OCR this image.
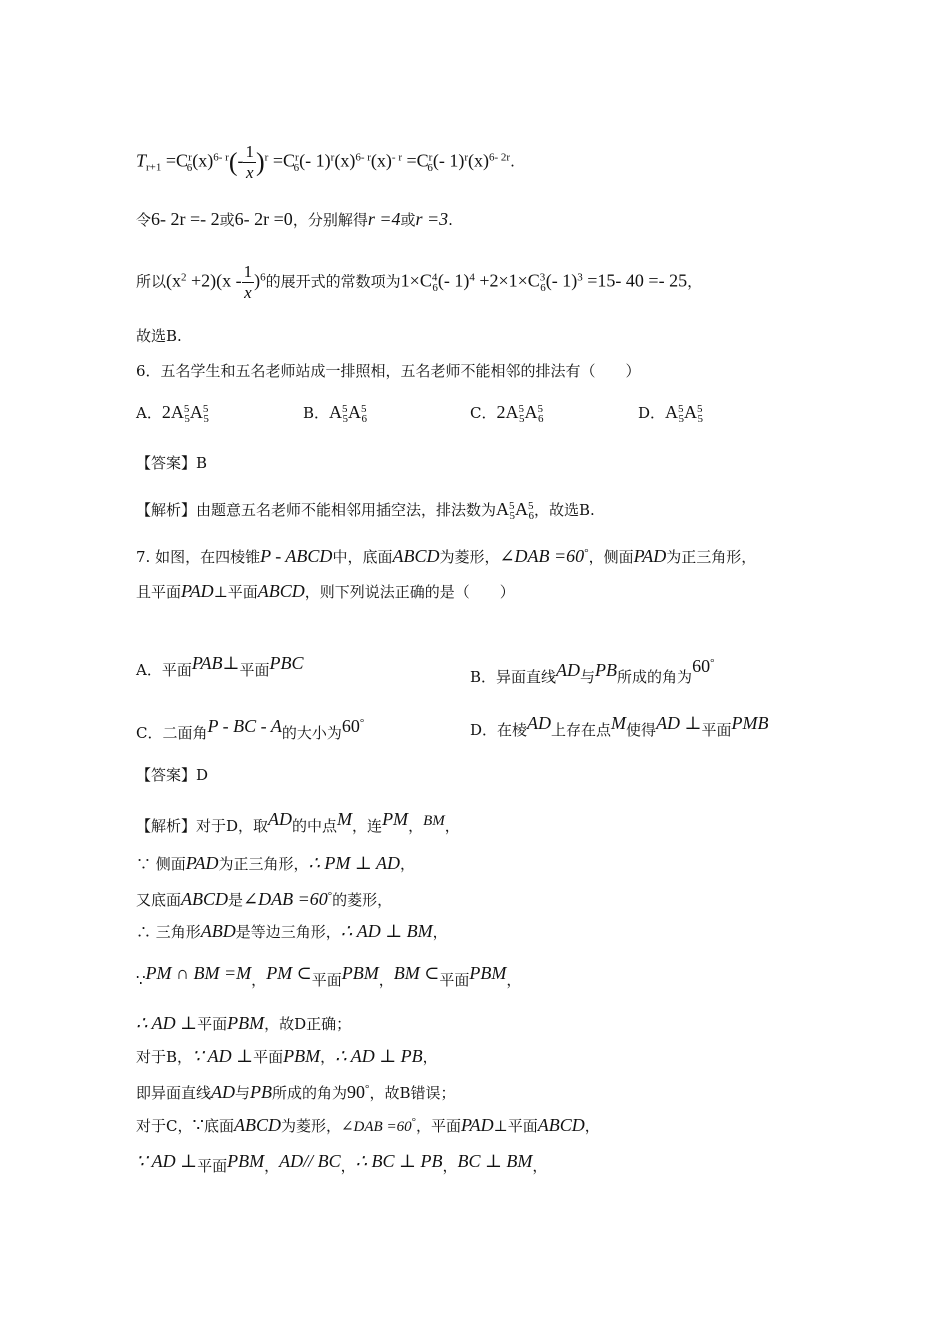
$T_{r+1} =C^r_6(x)^{6- r}(- \frac{1}{x} )^r =C^r_6(-$ $1)^r(x)^{6- r}(x)^{- r} =C^r_6(-$ $1)^r(x)^{6- 2r}$.
令6- 2r =- 2或6- 2r =0，分别解得r =4或r =3.
所以$(x^2 +2)(x - \frac{1}{x} )^6$的展开式的常数项为$1\times C^4_6(-$ $1)^4 +2\times 1\times C^3_6(-$ 1)$^3$ =15- 40 =- 25，
故选B.
6．五名学生和五名老师站成一排照相，五名老师不能相邻的排法有（　　）
A．$2A^5_5A^5_5$	B．$A^5_5A^5_6$	C．$2A^5_5A^5_6$	D．$A^5_5A^5_5$
【答案】B
【解析】由题意五名老师不能相邻用插空法，排法数为$A^5_5A^5_6$，故选B.
7. 如图，在四棱锥P - ABCD中，底面ABCD为菱形，∠DAB =60°，侧面PAD为正三角形，
且平面PAD⊥平面ABCD，则下列说法正确的是（　　）
A．平面PAB⊥平面PBC
B．异面直线AD与PB所成的角为60°
C．二面角P - BC - A的大小为60°	D．在棱AD上存在点M使得AD ⊥平面PMB
【答案】D
【解析】对于D，取AD的中点M，连PM，BM，
∵ 侧面PAD为正三角形，∴ PM ⊥ AD，
又底面ABCD是∠DAB =60°的菱形，
∴ 三角形ABD是等边三角形，∴ AD ⊥ BM，
∵PM ∩ BM =M，PM ⊂平面PBM，BM ⊂平面PBM，
∴ AD ⊥平面PBM，故D正确；
对于B，∵ AD ⊥平面PBM，∴ AD ⊥ PB，
即异面直线AD与PB所成的角为90°，故B错误；
对于C，∵底面ABCD为菱形，∠DAB =60°，平面PAD⊥平面ABCD，
∵ AD ⊥平面PBM，AD// BC，∴ BC ⊥ PB，BC ⊥ BM，
